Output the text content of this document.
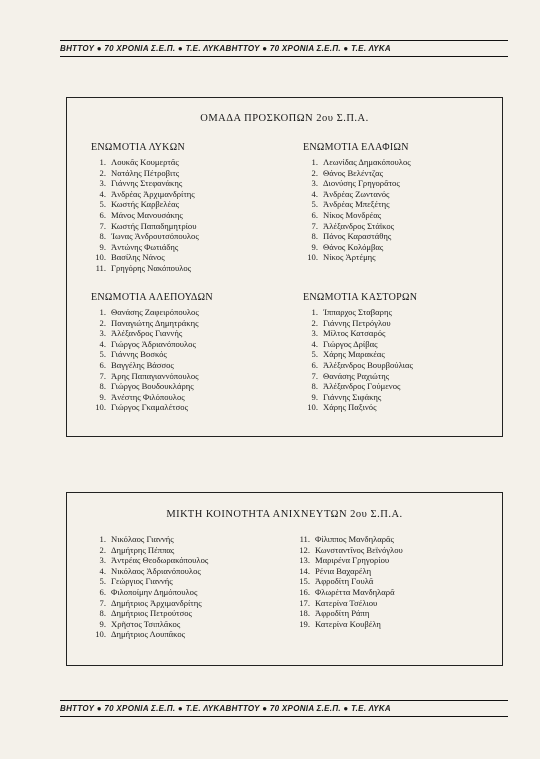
ΒΗΤΤΟΥ ● 70 ΧΡΟΝΙΑ Σ.Ε.Π. ● Τ.Ε. ΛΥΚΑΒΗΤΤΟΥ ● 70 ΧΡΟΝΙΑ Σ.Ε.Π. ● Τ.Ε. ΛΥΚΑ
ΟΜΑΔΑ ΠΡΟΣΚΟΠΩΝ 2ου Σ.Π.Α.
ΕΝΩΜΟΤΙΑ ΛΥΚΩΝ
1. Λουκᾶς Κουμερτᾶς
2. Νατάλης Πέτροβιτς
3. Γιάννης Στεφανάκης
4. Ἀνδρέας Ἀρχιμανδρίτης
5. Κωστής Καρβελέας
6. Μάνος Μανουσάκης
7. Κωστής Παπαδημητρίου
8. Ἰωνας Ἀνδρουτσόπουλος
9. Ἀντώνης Φωτιάδης
10. Βασίλης Νάνος
11. Γρηγόρης Νακόπουλος
ΕΝΩΜΟΤΙΑ ΕΛΑΦΙΩΝ
1. Λεωνίδας Δημακόπουλος
2. Θάνος Βελέντζας
3. Διονύσης Γρηγορᾶτος
4. Ἀνδρέας Ζωντανός
5. Ἀνδρέας Μπεξέτης
6. Νίκος Μονδρέας
7. Ἀλέξανδρος Στάϊκος
8. Πάνος Καραστάθης
9. Θάνος Κολόμβας
10. Νίκος Ἀρτέμης
ΕΝΩΜΟΤΙΑ ΑΛΕΠΟΥΔΩΝ
1. Θανάσης Ζαφειρόπουλος
2. Παναγιώτης Δημητράκης
3. Ἀλέξανδρος Γιαννής
4. Γιώργος Ἀδριανόπουλος
5. Γιάννης Βοσκός
6. Βαγγέλης Βάσσος
7. Ἀρης Παπαγιαννόπουλος
8. Γιώργος Βουδουκλάρης
9. Ἀνέστης Φιλόπουλος
10. Γιώργος Γκαμαλέτσος
ΕΝΩΜΟΤΙΑ ΚΑΣΤΟΡΩΝ
1. Ἱππαρχος Σταβαρης
2. Γιάννης Πετρόγλου
3. Μίλτος Κατσαρός
4. Γιώργος Δρίβας
5. Χάρης Μαρακέας
6. Ἀλέξανδρος Βουρβούλιας
7. Θανάσης Ραχιώτης
8. Ἀλέξανδρος Γούμενος
9. Γιάννης Σιφάκης
10. Χάρης Παξινός
ΜΙΚΤΗ ΚΟΙΝΟΤΗΤΑ ΑΝΙΧΝΕΥΤΩΝ 2ου Σ.Π.Α.
1. Νικόλαος Γιαννής
2. Δημήτρης Πέππας
3. Ἀντρέας Θεοδωρακόπουλος
4. Νικόλαος Ἀδριανόπουλος
5. Γεώργιος Γιαννής
6. Φιλοποίμην Δημόπουλος
7. Δημήτριος Ἀρχιμανδρίτης
8. Δημήτριος Πετρούτσος
9. Χρῆστος Τσιπλᾶκος
10. Δημήτριος Λουπᾶκος
11. Φίλιππος Μανδηλαρᾶς
12. Κωνσταντῖνος Βεϊνόγλου
13. Μαριρένα Γρηγορίου
14. Ρένια Βαχαρέλη
15. Ἀφροδίτη Γουλᾶ
16. Φλωρέττα Μανδηλαρᾶ
17. Κατερίνα Τσέλιου
18. Ἀφροδίτη Ράπη
19. Κατερίνα Κουβέλη
ΒΗΤΤΟΥ ● 70 ΧΡΟΝΙΑ Σ.Ε.Π. ● Τ.Ε. ΛΥΚΑΒΗΤΤΟΥ ● 70 ΧΡΟΝΙΑ Σ.Ε.Π. ● Τ.Ε. ΛΥΚΑ
